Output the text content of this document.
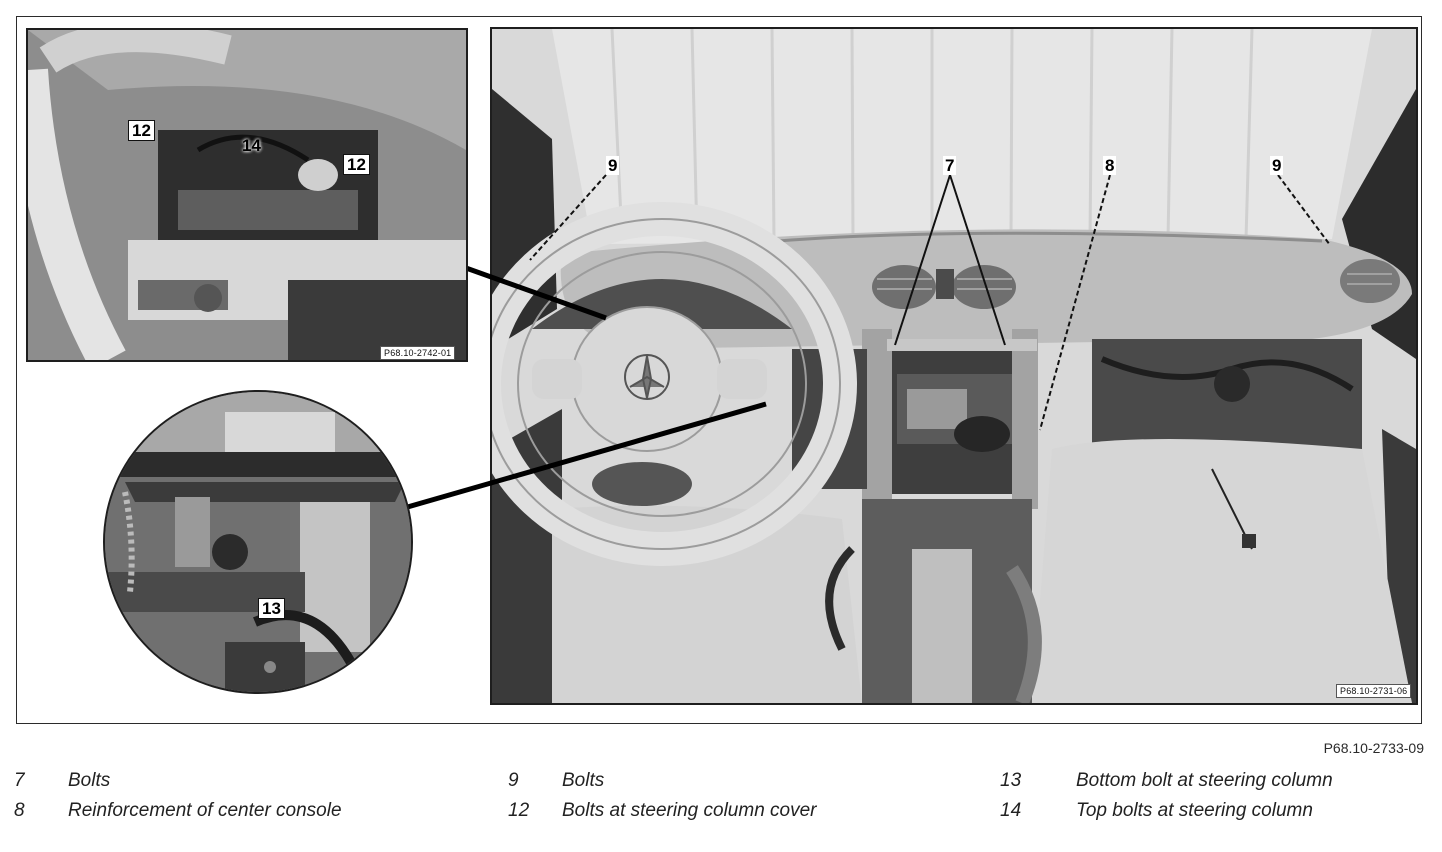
P68.10-2731-06
P68.10-2742-01
9	7	8	9
12
14
12
13
P68.10-2733-09
7 Bolts
8 Reinforcement of center console
9 Bolts
12 Bolts at steering column cover
13	Bottom bolt at steering column
14	Top bolts at steering column
